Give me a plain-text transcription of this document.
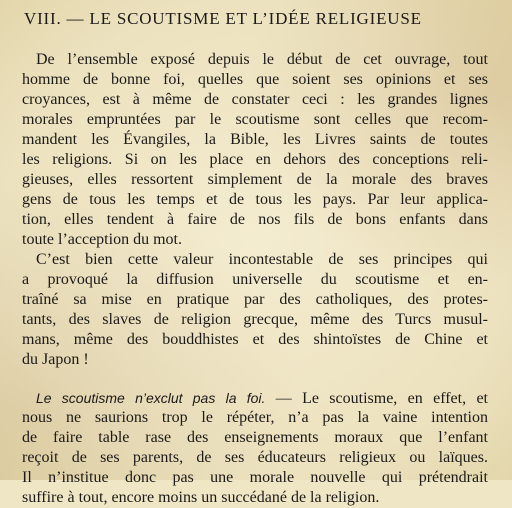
VIII. — LE SCOUTISME ET L’IDÉE RELIGIEUSE
De l’ensemble exposé depuis le début de cet ouvrage, tout
homme de bonne foi, quelles que soient ses opinions et ses
croyances, est à même de constater ceci : les grandes lignes
morales empruntées par le scoutisme sont celles que recom-
mandent les Évangiles, la Bible, les Livres saints de toutes
les religions. Si on les place en dehors des conceptions reli-
gieuses, elles ressortent simplement de la morale des braves
gens de tous les temps et de tous les pays. Par leur applica-
tion, elles tendent à faire de nos fils de bons enfants dans
toute l’acception du mot.
C’est bien cette valeur incontestable de ses principes qui
a provoqué la diffusion universelle du scoutisme et en-
traîné sa mise en pratique par des catholiques, des protes-
tants, des slaves de religion grecque, même des Turcs musul-
mans, même des bouddhistes et des shintoïstes de Chine et
du Japon !
Le scoutisme n’exclut pas la foi. — Le scoutisme, en effet, et
nous ne saurions trop le répéter, n’a pas la vaine intention
de faire table rase des enseignements moraux que l’enfant
reçoit de ses parents, de ses éducateurs religieux ou laïques.
Il n’institue donc pas une morale nouvelle qui prétendrait
suffire à tout, encore moins un succédané de la religion.
